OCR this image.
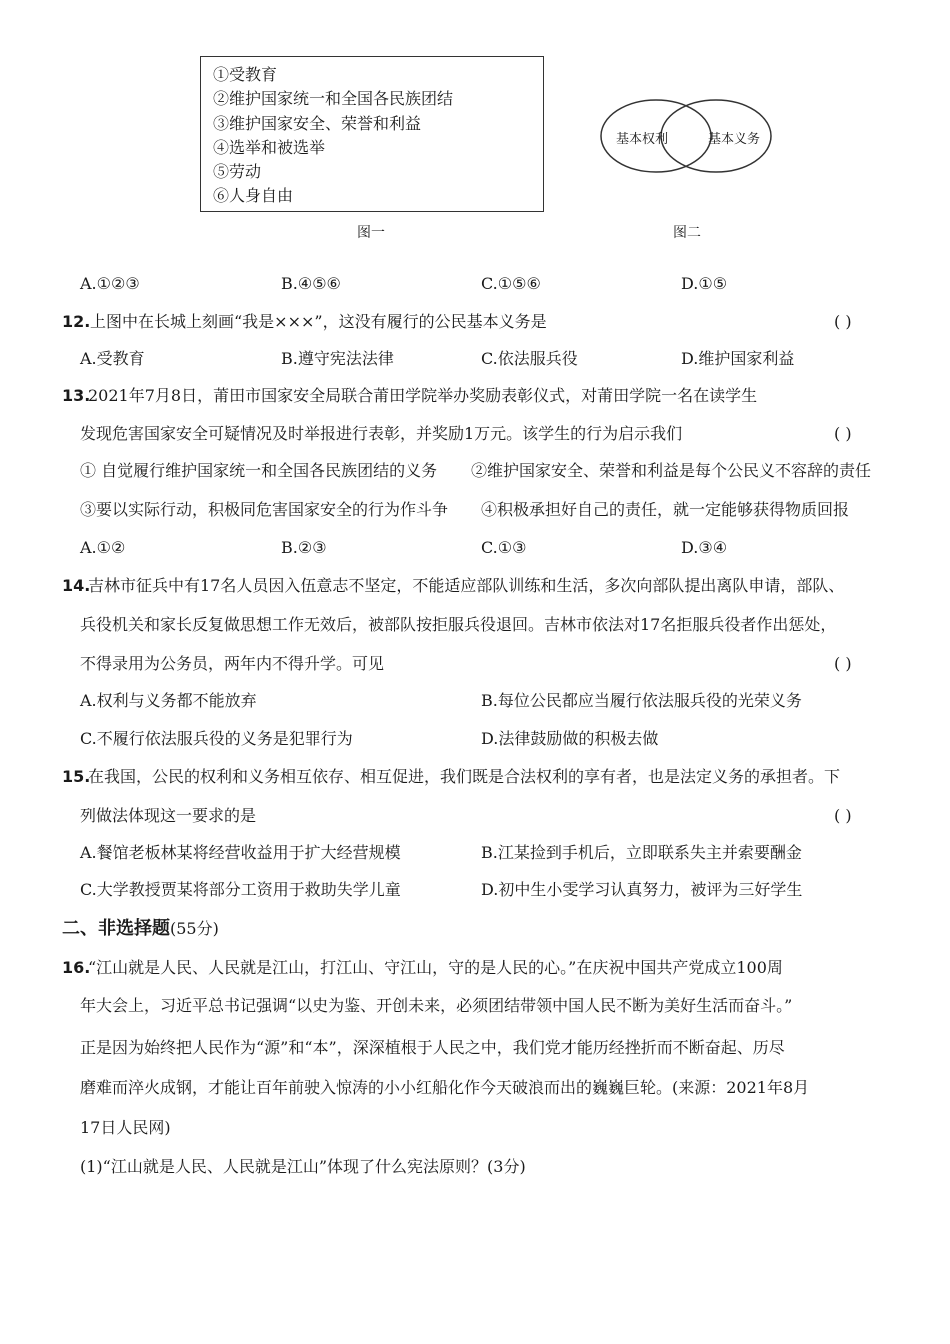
①受教育
②维护国家统一和全国各民族团结
③维护国家安全、荣誉和利益
④选举和被选举
⑤劳动
⑥人身自由
图一
基本权利	基本义务
图二
A.①②③	B.④⑤⑥	C.①⑤⑥	D.①⑤
12. 上图中在长城上刻画“我是×××”，这没有履行的公民基本义务是	( )
A.受教育	B.遵守宪法法律	C.依法服兵役	D.维护国家利益
13.
2021年7月8日，莆田市国家安全局联合莆田学院举办奖励表彰仪式，对莆田学院一名在读学生
发现危害国家安全可疑情况及时举报进行表彰，并奖励1万元。该学生的行为启示我们	( )
① 自觉履行维护国家统一和全国各民族团结的义务 ②维护国家安全、荣誉和利益是每个公民义不容辞的责任
③要以实际行动，积极同危害国家安全的行为作斗争 ④积极承担好自己的责任，就一定能够获得物质回报
A.①②	B.②③	C.①③	D.③④
14.
吉林市征兵中有17名人员因入伍意志不坚定，不能适应部队训练和生活，多次向部队提出离队申请，部队、
兵役机关和家长反复做思想工作无效后，被部队按拒服兵役退回。吉林市依法对17名拒服兵役者作出惩处，
不得录用为公务员，两年内不得升学。可见	( )
A.权利与义务都不能放弃	B.每位公民都应当履行依法服兵役的光荣义务
C.不履行依法服兵役的义务是犯罪行为	D.法律鼓励做的积极去做
15.
在我国，公民的权利和义务相互依存、相互促进，我们既是合法权利的享有者，也是法定义务的承担者。下
列做法体现这一要求的是	( )
A.餐馆老板林某将经营收益用于扩大经营规模	B.江某捡到手机后，立即联系失主并索要酬金
C.大学教授贾某将部分工资用于救助失学儿童	D.初中生小雯学习认真努力，被评为三好学生
二、非选择题(55分)
16.
“江山就是人民、人民就是江山，打江山、守江山，守的是人民的心。”在庆祝中国共产党成立100周
年大会上，习近平总书记强调“以史为鉴、开创未来，必须团结带领中国人民不断为美好生活而奋斗。”
正是因为始终把人民作为“源”和“本”，深深植根于人民之中，我们党才能历经挫折而不断奋起、历尽
磨难而淬火成钢，才能让百年前驶入惊涛的小小红船化作今天破浪而出的巍巍巨轮。(来源：2021年8月
17日人民网)
(1)“江山就是人民、人民就是江山”体现了什么宪法原则？(3分)
